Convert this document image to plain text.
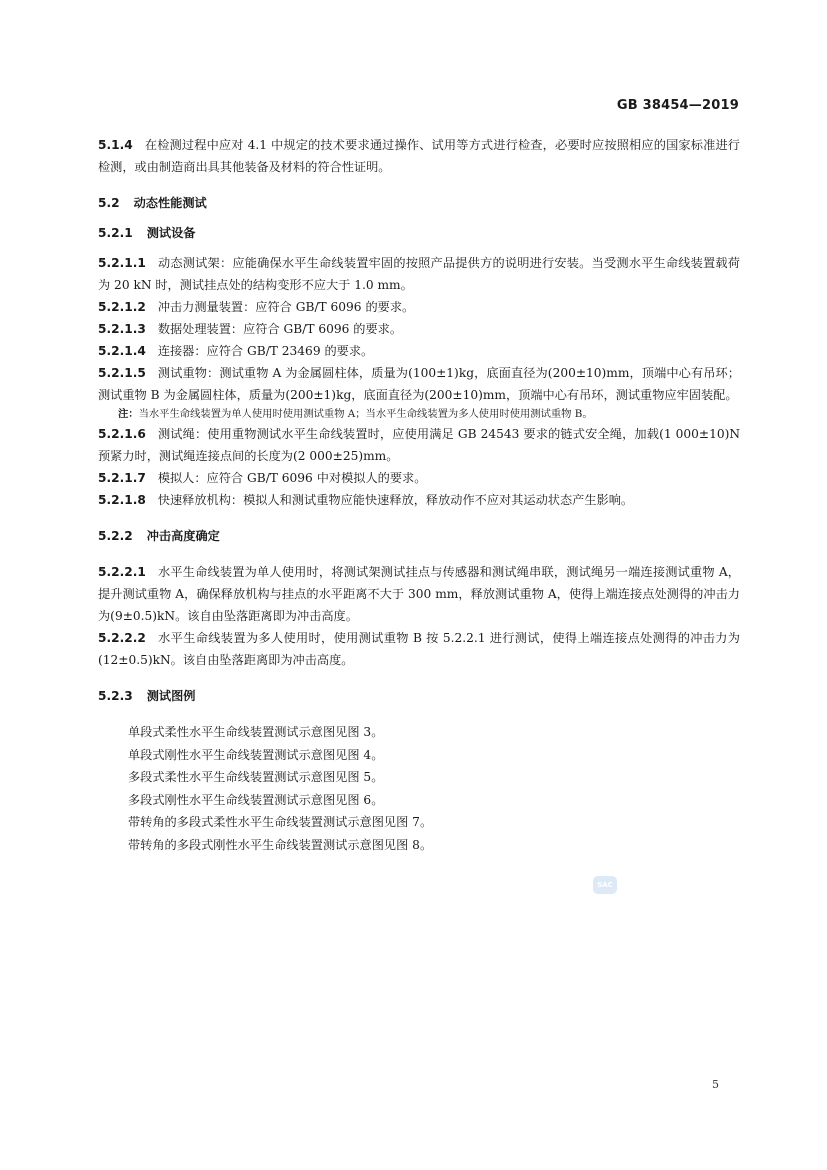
GB 38454—2019

5.1.4 在检测过程中应对 4.1 中规定的技术要求通过操作、试用等方式进行检查，必要时应按照相应的国家标准进行检测，或由制造商出具其他装备及材料的符合性证明。

5.2 动态性能测试

5.2.1 测试设备

5.2.1.1 动态测试架：应能确保水平生命线装置牢固的按照产品提供方的说明进行安装。当受测水平生命线装置载荷为 20 kN 时，测试挂点处的结构变形不应大于 1.0 mm。

5.2.1.2 冲击力测量装置：应符合 GB/T 6096 的要求。

5.2.1.3 数据处理装置：应符合 GB/T 6096 的要求。

5.2.1.4 连接器：应符合 GB/T 23469 的要求。

5.2.1.5 测试重物：测试重物 A 为金属圆柱体，质量为(100±1)kg，底面直径为(200±10)mm，顶端中心有吊环；测试重物 B 为金属圆柱体，质量为(200±1)kg，底面直径为(200±10)mm，顶端中心有吊环，测试重物应牢固装配。

注：当水平生命线装置为单人使用时使用测试重物 A；当水平生命线装置为多人使用时使用测试重物 B。

5.2.1.6 测试绳：使用重物测试水平生命线装置时，应使用满足 GB 24543 要求的链式安全绳，加载(1 000±10)N 预紧力时，测试绳连接点间的长度为(2 000±25)mm。

5.2.1.7 模拟人：应符合 GB/T 6096 中对模拟人的要求。

5.2.1.8 快速释放机构：模拟人和测试重物应能快速释放，释放动作不应对其运动状态产生影响。

5.2.2 冲击高度确定

5.2.2.1 水平生命线装置为单人使用时，将测试架测试挂点与传感器和测试绳串联，测试绳另一端连接测试重物 A，提升测试重物 A，确保释放机构与挂点的水平距离不大于 300 mm，释放测试重物 A，使得上端连接点处测得的冲击力为(9±0.5)kN。该自由坠落距离即为冲击高度。

5.2.2.2 水平生命线装置为多人使用时，使用测试重物 B 按 5.2.2.1 进行测试，使得上端连接点处测得的冲击力为(12±0.5)kN。该自由坠落距离即为冲击高度。

5.2.3 测试图例

单段式柔性水平生命线装置测试示意图见图 3。

单段式刚性水平生命线装置测试示意图见图 4。

多段式柔性水平生命线装置测试示意图见图 5。

多段式刚性水平生命线装置测试示意图见图 6。

带转角的多段式柔性水平生命线装置测试示意图见图 7。

带转角的多段式刚性水平生命线装置测试示意图见图 8。

SAC
5
